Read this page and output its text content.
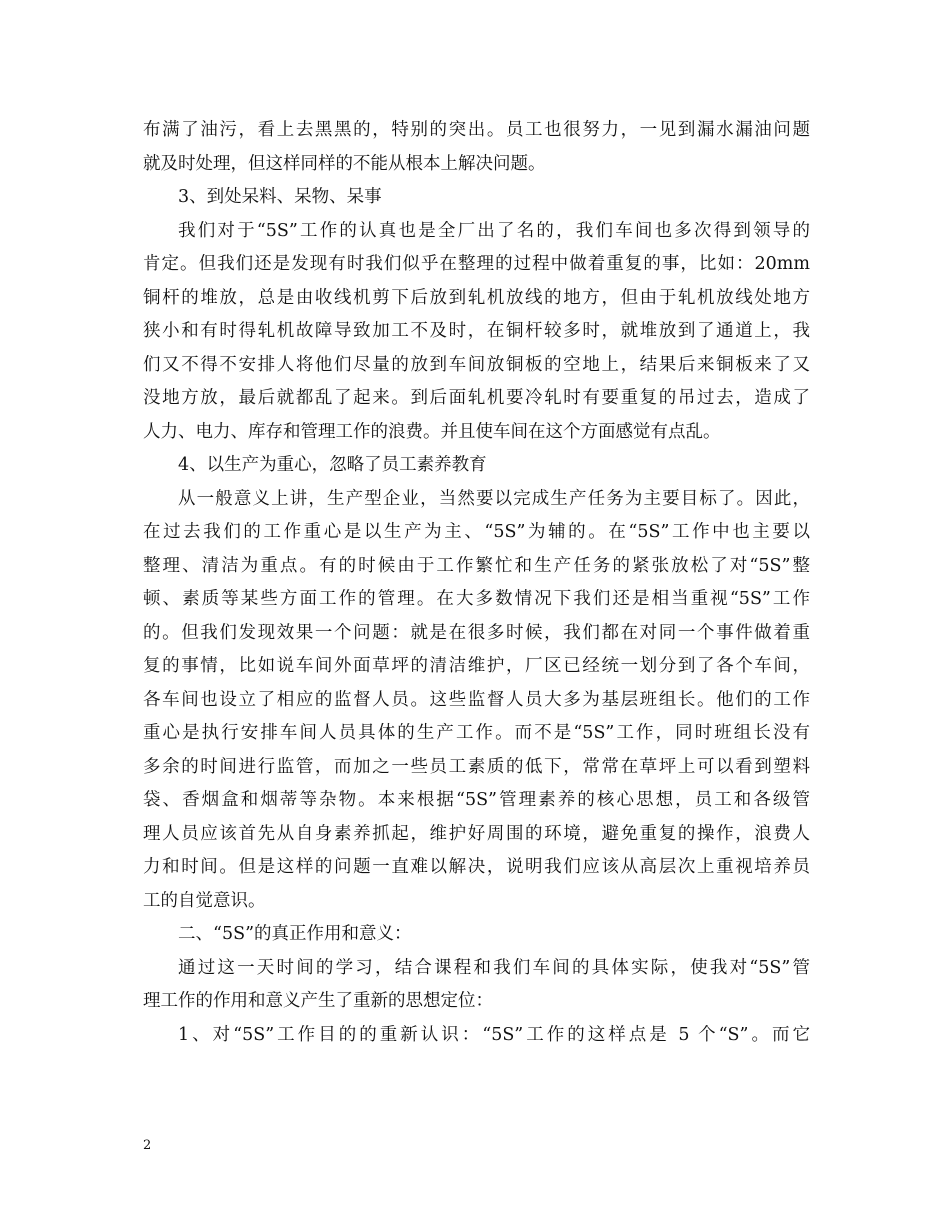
布满了油污，看上去黑黑的，特别的突出。员工也很努力，一见到漏水漏油问题
就及时处理，但这样同样的不能从根本上解决问题。
3、到处呆料、呆物、呆事
我们对于“5S”工作的认真也是全厂出了名的，我们车间也多次得到领导的
肯定。但我们还是发现有时我们似乎在整理的过程中做着重复的事，比如：20mm
铜杆的堆放，总是由收线机剪下后放到轧机放线的地方，但由于轧机放线处地方
狭小和有时得轧机故障导致加工不及时，在铜杆较多时，就堆放到了通道上，我
们又不得不安排人将他们尽量的放到车间放铜板的空地上，结果后来铜板来了又
没地方放，最后就都乱了起来。到后面轧机要冷轧时有要重复的吊过去，造成了
人力、电力、库存和管理工作的浪费。并且使车间在这个方面感觉有点乱。
4、以生产为重心，忽略了员工素养教育
从一般意义上讲，生产型企业，当然要以完成生产任务为主要目标了。因此，
在过去我们的工作重心是以生产为主、“5S”为辅的。在“5S”工作中也主要以
整理、清洁为重点。有的时候由于工作繁忙和生产任务的紧张放松了对“5S”整
顿、素质等某些方面工作的管理。在大多数情况下我们还是相当重视“5S”工作
的。但我们发现效果一个问题：就是在很多时候，我们都在对同一个事件做着重
复的事情，比如说车间外面草坪的清洁维护，厂区已经统一划分到了各个车间，
各车间也设立了相应的监督人员。这些监督人员大多为基层班组长。他们的工作
重心是执行安排车间人员具体的生产工作。而不是“5S”工作，同时班组长没有
多余的时间进行监管，而加之一些员工素质的低下，常常在草坪上可以看到塑料
袋、香烟盒和烟蒂等杂物。本来根据“5S”管理素养的核心思想，员工和各级管
理人员应该首先从自身素养抓起，维护好周围的环境，避免重复的操作，浪费人
力和时间。但是这样的问题一直难以解决，说明我们应该从高层次上重视培养员
工的自觉意识。
二、“5S”的真正作用和意义：
通过这一天时间的学习，结合课程和我们车间的具体实际，使我对“5S”管
理工作的作用和意义产生了重新的思想定位：
1、对“5S”工作目的的重新认识：“5S”工作的这样点是 5 个“S”。而它
2
